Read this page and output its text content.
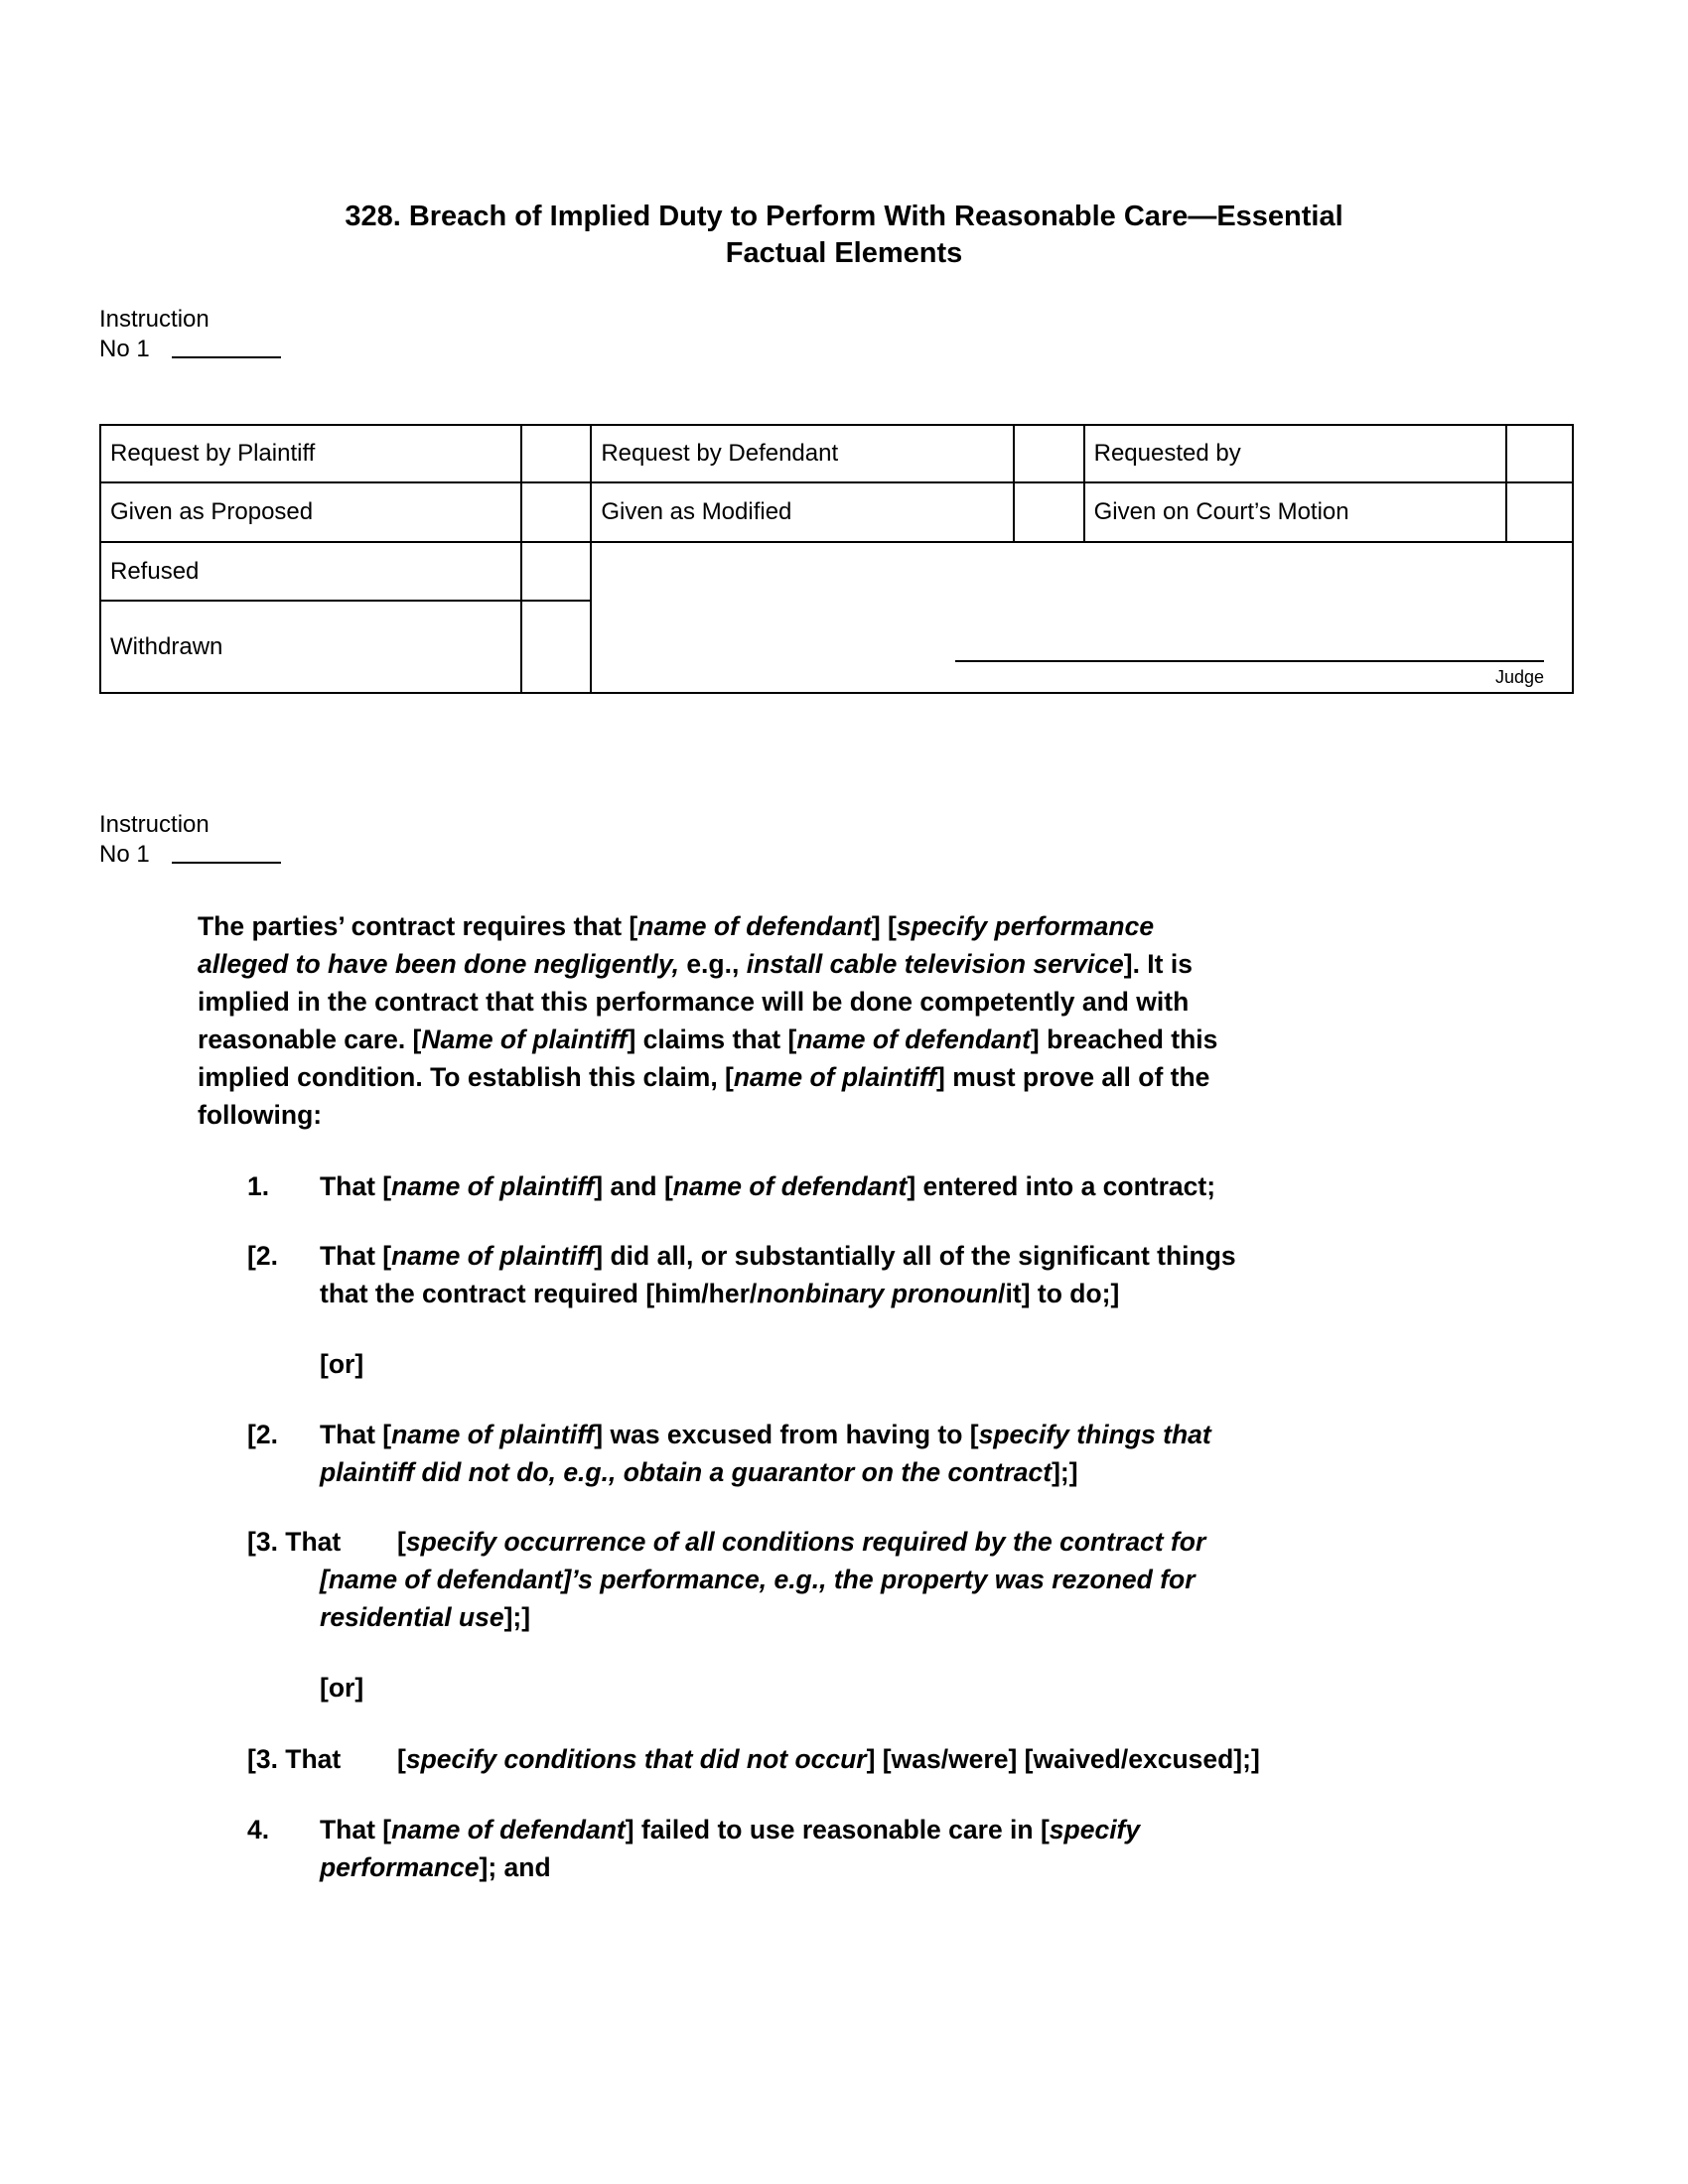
328. Breach of Implied Duty to Perform With Reasonable Care—Essential
Factual Elements
Instruction
No 1
Request by Plaintiff		Request by Defendant		Requested by	
Given as Proposed		Given as Modified		Given on Court’s Motion	
Refused		Judge			

Withdrawn					
Instruction
No 1
The parties’ contract requires that [name of defendant] [specify performance
alleged to have been done negligently, e.g., install cable television service]. It is
implied in the contract that this performance will be done competently and with
reasonable care. [Name of plaintiff] claims that [name of defendant] breached this
implied condition. To establish this claim, [name of plaintiff] must prove all of the
following:
1. That [name of plaintiff] and [name of defendant] entered into a contract;
[2. That [name of plaintiff] did all, or substantially all of the significant things
that the contract required [him/her/nonbinary pronoun/it] to do;]
[or]
[2. That [name of plaintiff] was excused from having to [specify things that
plaintiff did not do, e.g., obtain a guarantor on the contract];]
[3. That [specify occurrence of all conditions required by the contract for
[name of defendant]’s performance, e.g., the property was rezoned for
residential use];]
[or]
[3. That [specify conditions that did not occur] [was/were] [waived/excused];]
4. That [name of defendant] failed to use reasonable care in [specify
performance]; and
